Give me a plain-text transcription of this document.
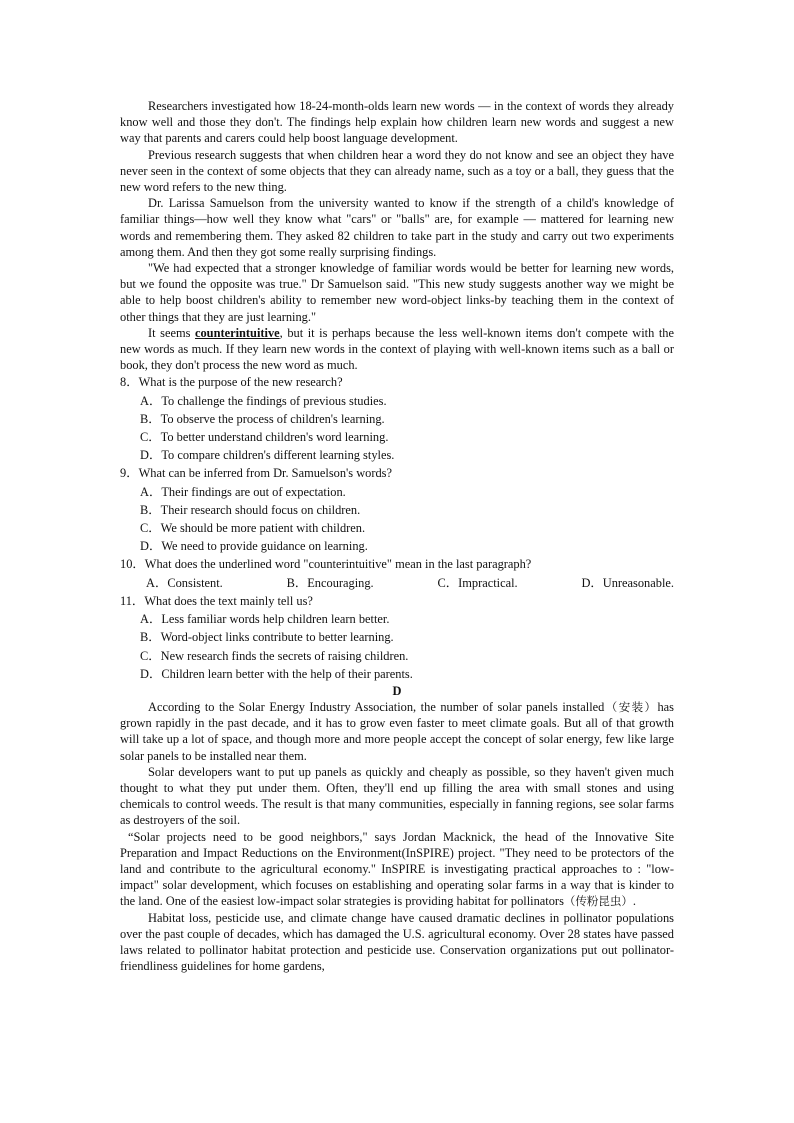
Researchers investigated how 18-24-month-olds learn new words — in the context of words they already know well and those they don't. The findings help explain how children learn new words and suggest a new way that parents and carers could help boost language development.

Previous research suggests that when children hear a word they do not know and see an object they have never seen in the context of some objects that they can already name, such as a toy or a ball, they guess that the new word refers to the new thing.

Dr. Larissa Samuelson from the university wanted to know if the strength of a child's knowledge of familiar things—how well they know what "cars" or "balls" are, for example — mattered for learning new words and remembering them. They asked 82 children to take part in the study and carry out two experiments among them. And then they got some really surprising findings.

"We had expected that a stronger knowledge of familiar words would be better for learning new words, but we found the opposite was true." Dr Samuelson said. "This new study suggests another way we might be able to help boost children's ability to remember new word-object links-by teaching them in the context of other things that they are just learning."

It seems counterintuitive, but it is perhaps because the less well-known items don't compete with the new words as much. If they learn new words in the context of playing with well-known items such as a ball or book, they don't process the new word as much.

8．What is the purpose of the new research?

A．To challenge the findings of previous studies.

B．To observe the process of children's learning.

C．To better understand children's word learning.

D．To compare children's different learning styles.

9．What can be inferred from Dr. Samuelson's words?

A．Their findings are out of expectation.

B．Their research should focus on children.

C．We should be more patient with children.

D．We need to provide guidance on learning.

10．What does the underlined word "counterintuitive" mean in the last paragraph?

A．Consistent.	B．Encouraging.	C．Impractical.	D．Unreasonable.

11．What does the text mainly tell us?

A．Less familiar words help children learn better.

B．Word-object links contribute to better learning.

C．New research finds the secrets of raising children.

D．Children learn better with the help of their parents.

D

According to the Solar Energy Industry Association, the number of solar panels installed（安装）has grown rapidly in the past decade, and it has to grow even faster to meet climate goals. But all of that growth will take up a lot of space, and though more and more people accept the concept of solar energy, few like large solar panels to be installed near them.

Solar developers want to put up panels as quickly and cheaply as possible, so they haven't given much thought to what they put under them. Often, they'll end up filling the area with small stones and using chemicals to control weeds. The result is that many communities, especially in fanning regions, see solar farms as destroyers of the soil.

“Solar projects need to be good neighbors," says Jordan Macknick, the head of the Innovative Site Preparation and Impact Reductions on the Environment(InSPIRE) project. "They need to be protectors of the land and contribute to the agricultural economy." InSPIRE is investigating practical approaches to : "low-impact" solar development, which focuses on establishing and operating solar farms in a way that is kinder to the land. One of the easiest low-impact solar strategies is providing habitat for pollinators（传粉昆虫）.

Habitat loss, pesticide use, and climate change have caused dramatic declines in pollinator populations over the past couple of decades, which has damaged the U.S. agricultural economy. Over 28 states have passed laws related to pollinator habitat protection and pesticide use. Conservation organizations put out pollinator-friendliness guidelines for home gardens,
